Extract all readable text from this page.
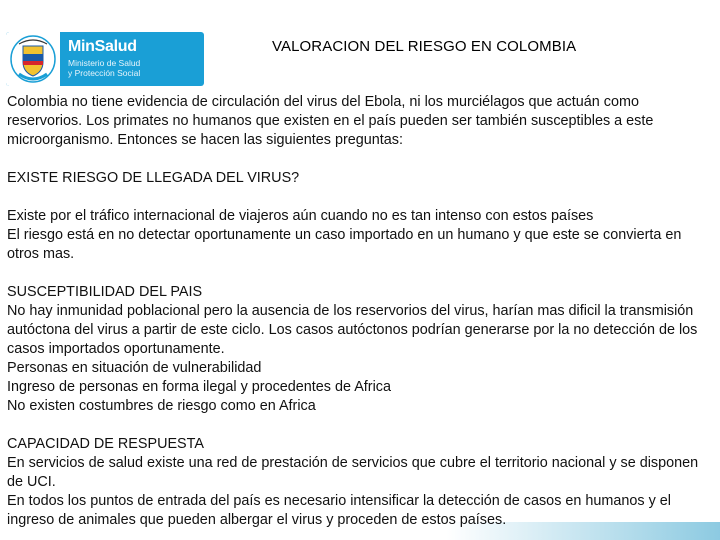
MinSalud
Ministerio de Salud
y Protección Social
VALORACION DEL RIESGO EN COLOMBIA

Colombia no tiene evidencia de circulación del virus del Ebola, ni los murciélagos que actuán como reservorios. Los primates no humanos que existen en el país pueden ser también susceptibles a este microorganismo. Entonces se hacen las siguientes preguntas:

EXISTE RIESGO DE LLEGADA DEL VIRUS?

Existe por el tráfico internacional de viajeros aún cuando no es tan intenso con estos países

El riesgo está en no detectar oportunamente un caso importado en un humano y que este se convierta en otros mas.

SUSCEPTIBILIDAD DEL PAIS

No hay inmunidad poblacional pero la ausencia de los reservorios del virus, harían mas dificil la transmisión autóctona del virus a partir de este ciclo. Los casos autóctonos podrían generarse por la no detección de los casos importados oportunamente.

Personas en situación de vulnerabilidad

Ingreso de personas en forma ilegal y procedentes de Africa

No existen costumbres de riesgo como en Africa

CAPACIDAD DE RESPUESTA

En servicios de salud existe una red de prestación de servicios que cubre el territorio nacional y se disponen de UCI.

En todos los puntos de entrada del país es necesario intensificar la detección de casos en humanos y el ingreso de animales que pueden albergar el virus y proceden de estos países.
